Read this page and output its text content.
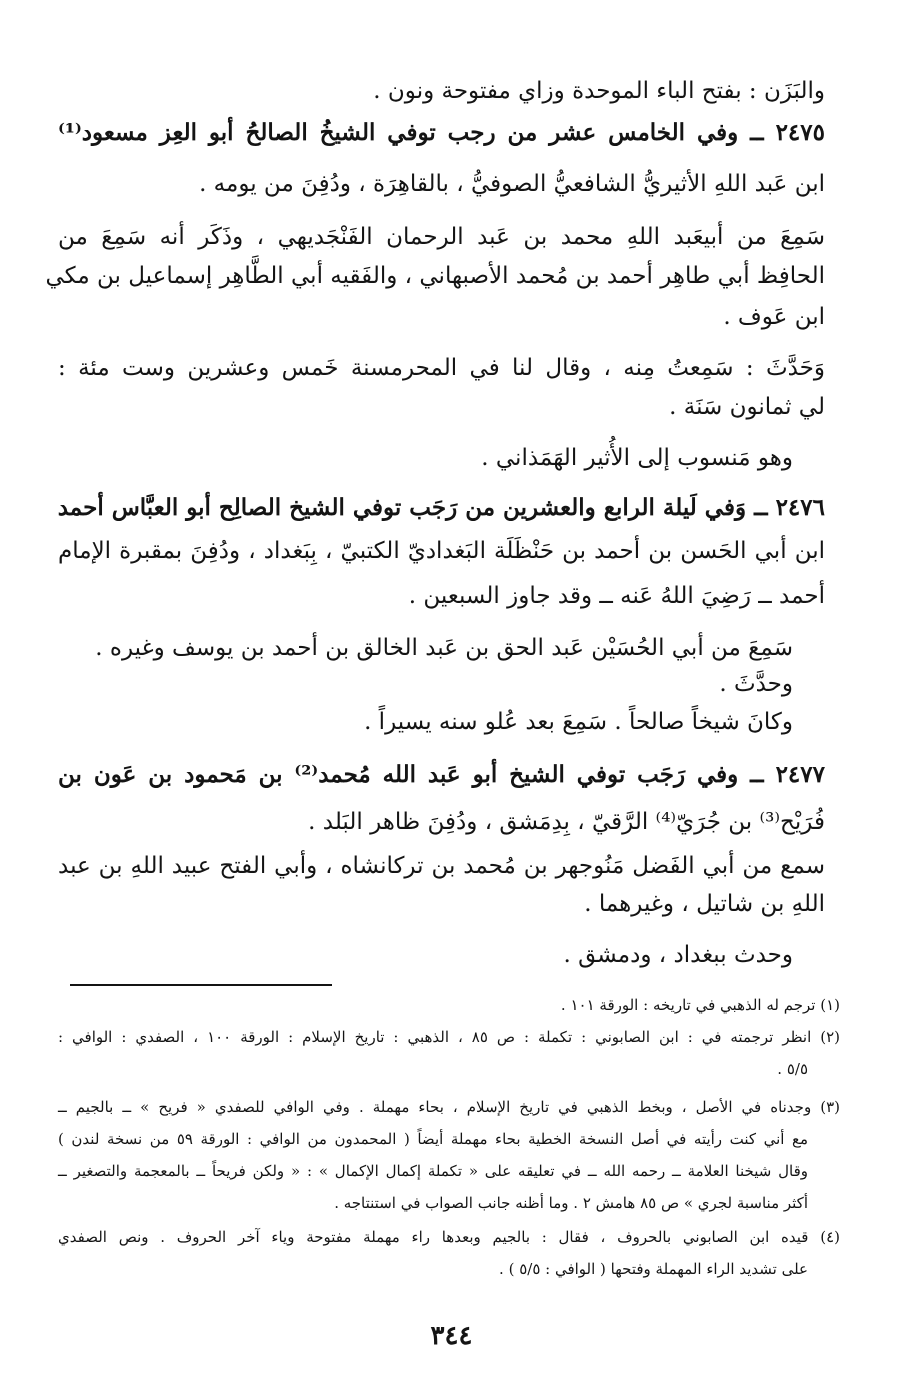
والبَزَن : بفتح الباء الموحدة وزاي مفتوحة ونون .
٢٤٧٥ ــ وفي الخامس عشر من رجب توفي الشيخُ الصالحُ أبو العِز مسعود⁽¹⁾
ابن عَبد اللهِ الأثيريُّ الشافعيُّ الصوفيُّ ، بالقاهِرَة ، ودُفِنَ من يومه .
سَمِعَ من أبيعَبد اللهِ محمد بن عَبد الرحمان الفَنْجَديهي ، وذَكَر أنه سَمِعَ من
الحافِظ أبي طاهِر أحمد بن مُحمد الأصبهاني ، والفَقيه أبي الطَّاهِر إسماعيل بن مكي
ابن عَوف .
وَحَدَّثَ : سَمِعتُ مِنه ، وقال لنا في المحرمسنة خَمس وعشرين وست مئة :
لي ثمانون سَنَة .
وهو مَنسوب إلى الأُثير الهَمَذاني .
٢٤٧٦ ــ وَفي لَيلة الرابع والعشرين من رَجَب توفي الشيخ الصالِح أبو العبَّاس أحمد
ابن أبي الحَسن بن أحمد بن حَنْظَلَة البَغداديّ الكتبيّ ، بِبَغداد ، ودُفِنَ بمقبرة الإمام
أحمد ــ رَضِيَ اللهُ عَنه ــ وقد جاوز السبعين .
سَمِعَ من أبي الحُسَيْن عَبد الحق بن عَبد الخالق بن أحمد بن يوسف وغيره .
وحدَّثَ .
وكانَ شيخاً صالحاً . سَمِعَ بعد عُلو سنه يسيراً .
٢٤٧٧ ــ وفي رَجَب توفي الشيخ أبو عَبد الله مُحمد⁽²⁾ بن مَحمود بن عَون بن
فُرَيْح⁽³⁾ بن جُرَيّ⁽⁴⁾ الرَّقيّ ، بِدِمَشق ، ودُفِنَ ظاهر البَلد .
سمع من أبي الفَضل مَنُوجهر بن مُحمد بن تركانشاه ، وأبي الفتح عبيد اللهِ بن عبد
اللهِ بن شاتيل ، وغيرهما .
وحدث ببغداد ، ودمشق .
(١) ترجم له الذهبي في تاريخه : الورقة ١٠١ .
(٢) انظر ترجمته في : ابن الصابوني : تكملة : ص ٨٥ ، الذهبي : تاريخ الإسلام : الورقة ١٠٠ ، الصفدي : الوافي :
٥/٥ .
(٣) وجدناه في الأصل ، وبخط الذهبي في تاريخ الإسلام ، بحاء مهملة . وفي الوافي للصفدي « فريح » ــ بالجيم ــ
مع أني كنت رأيته في أصل النسخة الخطية بحاء مهملة أيضاً ( المحمدون من الوافي : الورقة ٥٩ من نسخة لندن )
وقال شيخنا العلامة ــ رحمه الله ــ في تعليقه على « تكملة إكمال الإكمال » : « ولكن فريحاً ــ بالمعجمة والتصغير ــ
أكثر مناسبة لجري » ص ٨٥ هامش ٢ . وما أظنه جانب الصواب في استنتاجه .
(٤) قيده ابن الصابوني بالحروف ، فقال : بالجيم وبعدها راء مهملة مفتوحة وياء آخر الحروف . ونص الصفدي
على تشديد الراء المهملة وفتحها ( الوافي : ٥/٥ ) .
٣٤٤
